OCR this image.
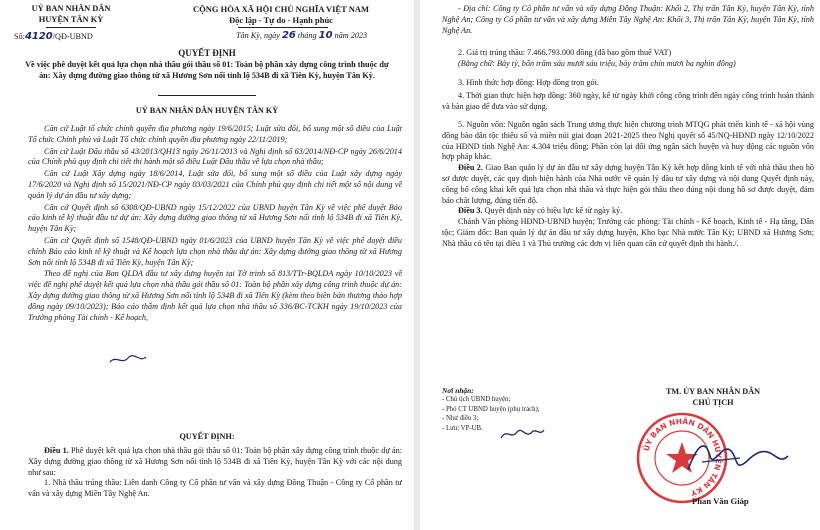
UỶ BAN NHÂN DÂN
HUYỆN TÂN KỲ
Số:4120/QĐ-UBND
CỘNG HÒA XÃ HỘI CHỦ NGHĨA VIỆT NAM
Độc lập - Tự do - Hạnh phúc
Tân Kỳ, ngày 26 tháng 10 năm 2023
QUYẾT ĐỊNH
Về việc phê duyệt kết quả lựa chọn nhà thầu gói thầu số 01: Toàn bộ phần xây dựng công trình thuộc dự án: Xây dựng đường giao thông từ xã Hương Sơn nối tỉnh lộ 534B đi xã Tiên Kỳ, huyện Tân Kỳ.
UỶ BAN NHÂN DÂN HUYỆN TÂN KỲ

Căn cứ Luật tổ chức chính quyền địa phương ngày 19/6/2015; Luật sửa đổi, bổ sung một số điều của Luật Tổ chức Chính phủ và Luật Tổ chức chính quyền địa phương ngày 22/11/2019;

Căn cứ Luật Đấu thầu số 43/2013/QH13 ngày 26/11/2013 và Nghị định số 63/2014/NĐ-CP ngày 26/6/2014 của Chính phủ quy định chi tiết thi hành một số điều Luật Đấu thầu về lựa chọn nhà thầu;

Căn cứ Luật Xây dựng ngày 18/6/2014, Luật sửa đổi, bổ sung một số điều của Luật xây dựng ngày 17/6/2020 và Nghị định số 15/2021/NĐ-CP ngày 03/03/2021 của Chính phủ quy định chi tiết một số nội dung về quản lý dự án đầu tư xây dựng;

Căn cứ Quyết định số 6308/QĐ-UBND ngày 15/12/2022 của UBND huyện Tân Kỳ về việc phê duyệt Báo cáo kinh tế kỹ thuật đầu tư dự án: Xây dựng đường giao thông từ xã Hương Sơn nối tỉnh lộ 534B đi xã Tiên Kỳ, huyện Tân Kỳ;

Căn cứ Quyết định số 1548/QĐ-UBND ngày 01/6/2023 của UBND huyện Tân Kỳ về việc phê duyệt điều chỉnh Báo cáo kinh tế kỹ thuật và Kế hoạch lựa chọn nhà thầu dự án: Xây dựng đường giao thông từ xã Hương Sơn nối tỉnh lộ 534B đi xã Tiên Kỳ, huyện Tân Kỳ;

Theo đề nghị của Ban QLDA đầu tư xây dựng huyện tại Tờ trình số 813/TTr-BQLDA ngày 10/10/2023 về việc đề nghị phê duyệt kết quả lựa chọn nhà thầu gói thầu số 01: Toàn bộ phần xây dựng công trình thuộc dự án: Xây dựng đường giao thông từ xã Hương Sơn nối tỉnh lộ 534B đi xã Tiên Kỳ (kèm theo biên bản thương thảo hợp đồng ngày 09/10/2023); Báo cáo thẩm định kết quả lựa chọn nhà thầu số 336/BC-TCKH ngày 19/10/2023 của Trưởng phòng Tài chính - Kế hoạch,

QUYẾT ĐỊNH:

Điều 1. Phê duyệt kết quả lựa chọn nhà thầu gói thầu số 01: Toàn bộ phần xây dựng công trình thuộc dự án: Xây dựng đường giao thông từ xã Hương Sơn nối tỉnh lộ 534B đi xã Tiên Kỳ, huyện Tân Kỳ với các nội dung như sau:

1. Nhà thầu trúng thầu: Liên danh Công ty Cổ phần tư vấn và xây dựng Đồng Thuận - Công ty Cổ phần tư vấn và xây dựng Miền Tây Nghệ An.

- Địa chỉ: Công ty Cổ phần tư vấn và xây dựng Đồng Thuận: Khối 2, Thị trấn Tân Kỳ, huyện Tân Kỳ, tỉnh Nghệ An; Công ty Cổ phần tư vấn và xây dựng Miền Tây Nghệ An: Khối 3, Thị trấn Tân Kỳ, huyện Tân Kỳ, tỉnh Nghệ An.

2. Giá trị trúng thầu: 7.466.793.000 đồng (đã bao gồm thuế VAT)

(Bằng chữ: Bảy tỷ, bốn trăm sáu mươi sáu triệu, bảy trăm chín mươi ba nghìn đồng)

3. Hình thức hợp đồng: Hợp đồng trọn gói.

4. Thời gian thực hiện hợp đồng: 360 ngày, kể từ ngày khởi công công trình đến ngày công trình hoàn thành và bàn giao để đưa vào sử dụng.

5. Nguồn vốn: Nguồn ngân sách Trung ương thực hiện chương trình MTQG phát triển kinh tế - xã hội vùng đồng bào dân tộc thiểu số và miền núi giai đoạn 2021-2025 theo Nghị quyết số 45/NQ-HĐND ngày 12/10/2022 của HĐND tỉnh Nghệ An: 4.304 triệu đồng; Phần còn lại đối ứng ngân sách huyện và huy động các nguồn vốn hợp pháp khác.

Điều 2. Giao Ban quản lý dự án đầu tư xây dựng huyện Tân Kỳ kết hợp đồng kinh tế với nhà thầu theo hồ sơ được duyệt, các quy định hiện hành của Nhà nước về quản lý đầu tư xây dựng và nội dung Quyết định này, công bố công khai kết quả lựa chọn nhà thầu và thực hiện gói thầu theo đúng nội dung hồ sơ được duyệt, đảm bảo chất lượng, đúng tiến độ.

Điều 3. Quyết định này có hiệu lực kể từ ngày ký.

Chánh Văn phòng HĐND-UBND huyện; Trưởng các phòng: Tài chính - Kế hoạch, Kinh tế - Hạ tầng, Dân tộc; Giám đốc: Ban quản lý dự án đầu tư xây dựng huyện, Kho bạc Nhà nước Tân Kỳ; UBND xã Hương Sơn; Nhà thầu có tên tại điều 1 và Thủ trưởng các đơn vị liên quan căn cứ quyết định thi hành./.

Nơi nhận:
- Chủ tịch UBND huyện;
- Phó CT UBND huyện (phụ trách);
- Như điều 3;
- Lưu: VP-UB.
TM. ỦY BAN NHÂN DÂN
CHỦ TỊCH
ỦY BAN NHÂN DÂN HUYỆN TÂN KỲ
Phan Văn Giáp
